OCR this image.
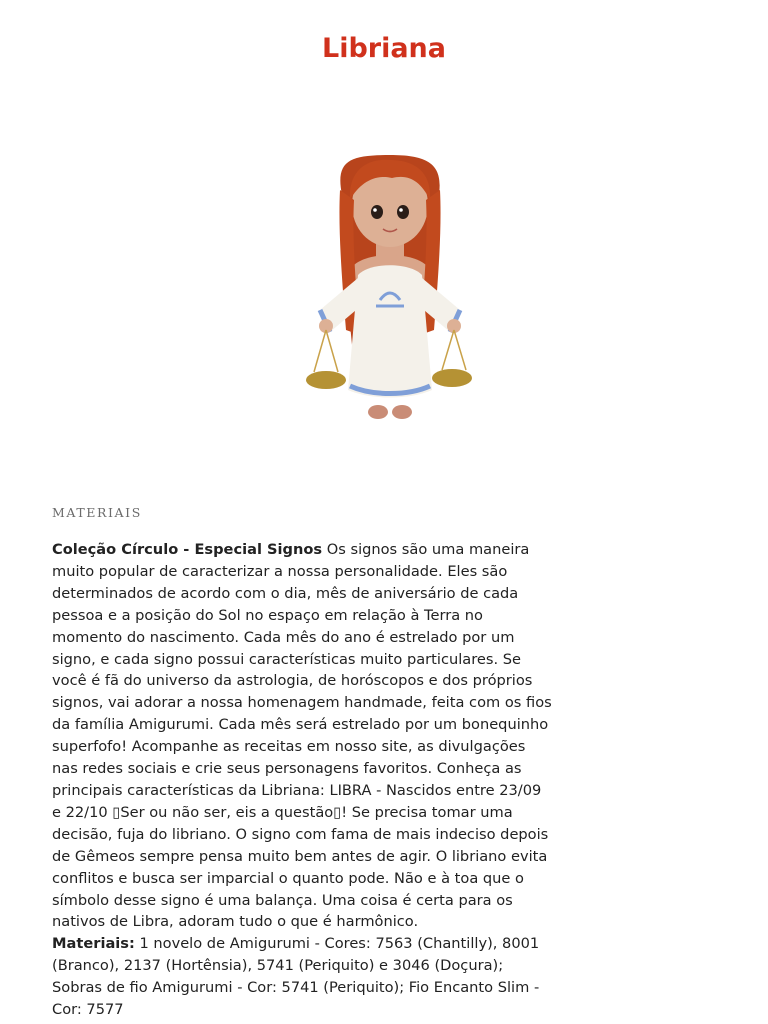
Libriana
MATERIAIS

Coleção Círculo - Especial Signos Os signos são uma maneira muito popular de caracterizar a nossa personalidade. Eles são determinados de acordo com o dia, mês de aniversário de cada pessoa e a posição do Sol no espaço em relação à Terra no momento do nascimento. Cada mês do ano é estrelado por um signo, e cada signo possui características muito particulares. Se você é fã do universo da astrologia, de horóscopos e dos próprios signos, vai adorar a nossa homenagem handmade, feita com os fios da família Amigurumi. Cada mês será estrelado por um bonequinho superfofo! Acompanhe as receitas em nosso site, as divulgações nas redes sociais e crie seus personagens favoritos. Conheça as principais características da Libriana: LIBRA - Nascidos entre 23/09 e 22/10 ▯Ser ou não ser, eis a questão▯! Se precisa tomar uma decisão, fuja do libriano. O signo com fama de mais indeciso depois de Gêmeos sempre pensa muito bem antes de agir. O libriano evita conflitos e busca ser imparcial o quanto pode. Não e à toa que o símbolo desse signo é uma balança. Uma coisa é certa para os nativos de Libra, adoram tudo o que é harmônico.
Materiais: 1 novelo de Amigurumi - Cores: 7563 (Chantilly), 8001 (Branco), 2137 (Hortênsia), 5741 (Periquito) e 3046 (Doçura); Sobras de fio Amigurumi - Cor: 5741 (Periquito); Fio Encanto Slim - Cor: 7577
